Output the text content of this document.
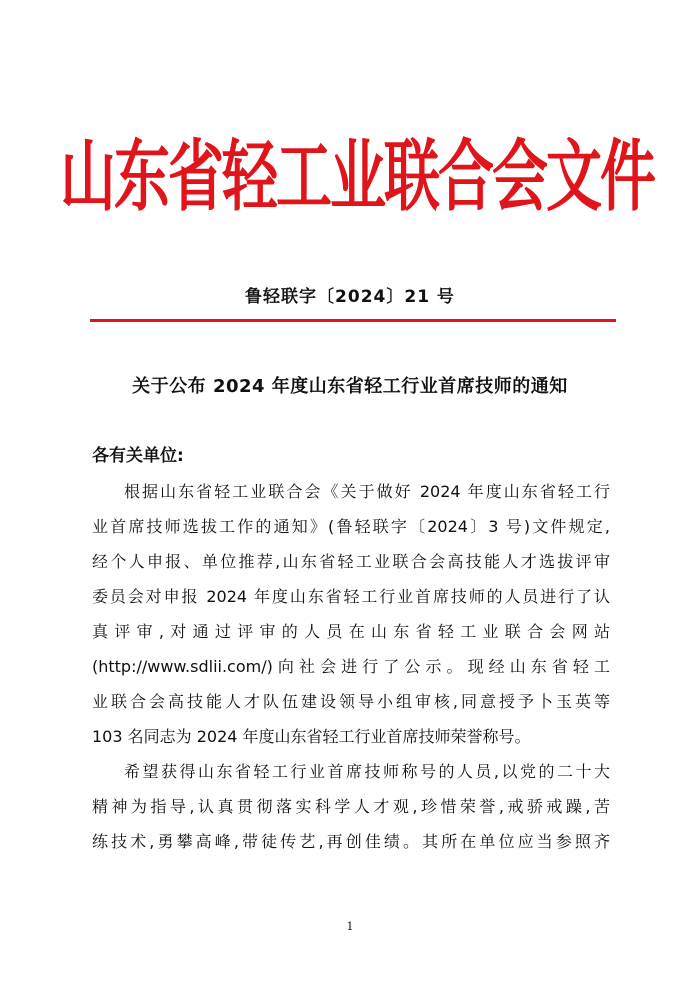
山东省轻工业联合会文件
鲁轻联字〔2024〕21 号
关于公布 2024 年度山东省轻工行业首席技师的通知
各有关单位:
根据山东省轻工业联合会《关于做好 2024 年度山东省轻工行
业首席技师选拔工作的通知》(鲁轻联字〔2024〕3 号)文件规定,
经个人申报、单位推荐,山东省轻工业联合会高技能人才选拔评审
委员会对申报 2024 年度山东省轻工行业首席技师的人员进行了认
真评审,对通过评审的人员在山东省轻工业联合会网站
(http://www.sdlii.com/)向社会进行了公示。现经山东省轻工
业联合会高技能人才队伍建设领导小组审核,同意授予卜玉英等
103 名同志为 2024 年度山东省轻工行业首席技师荣誉称号。
希望获得山东省轻工行业首席技师称号的人员,以党的二十大
精神为指导,认真贯彻落实科学人才观,珍惜荣誉,戒骄戒躁,苦
练技术,勇攀高峰,带徒传艺,再创佳绩。其所在单位应当参照齐
1
